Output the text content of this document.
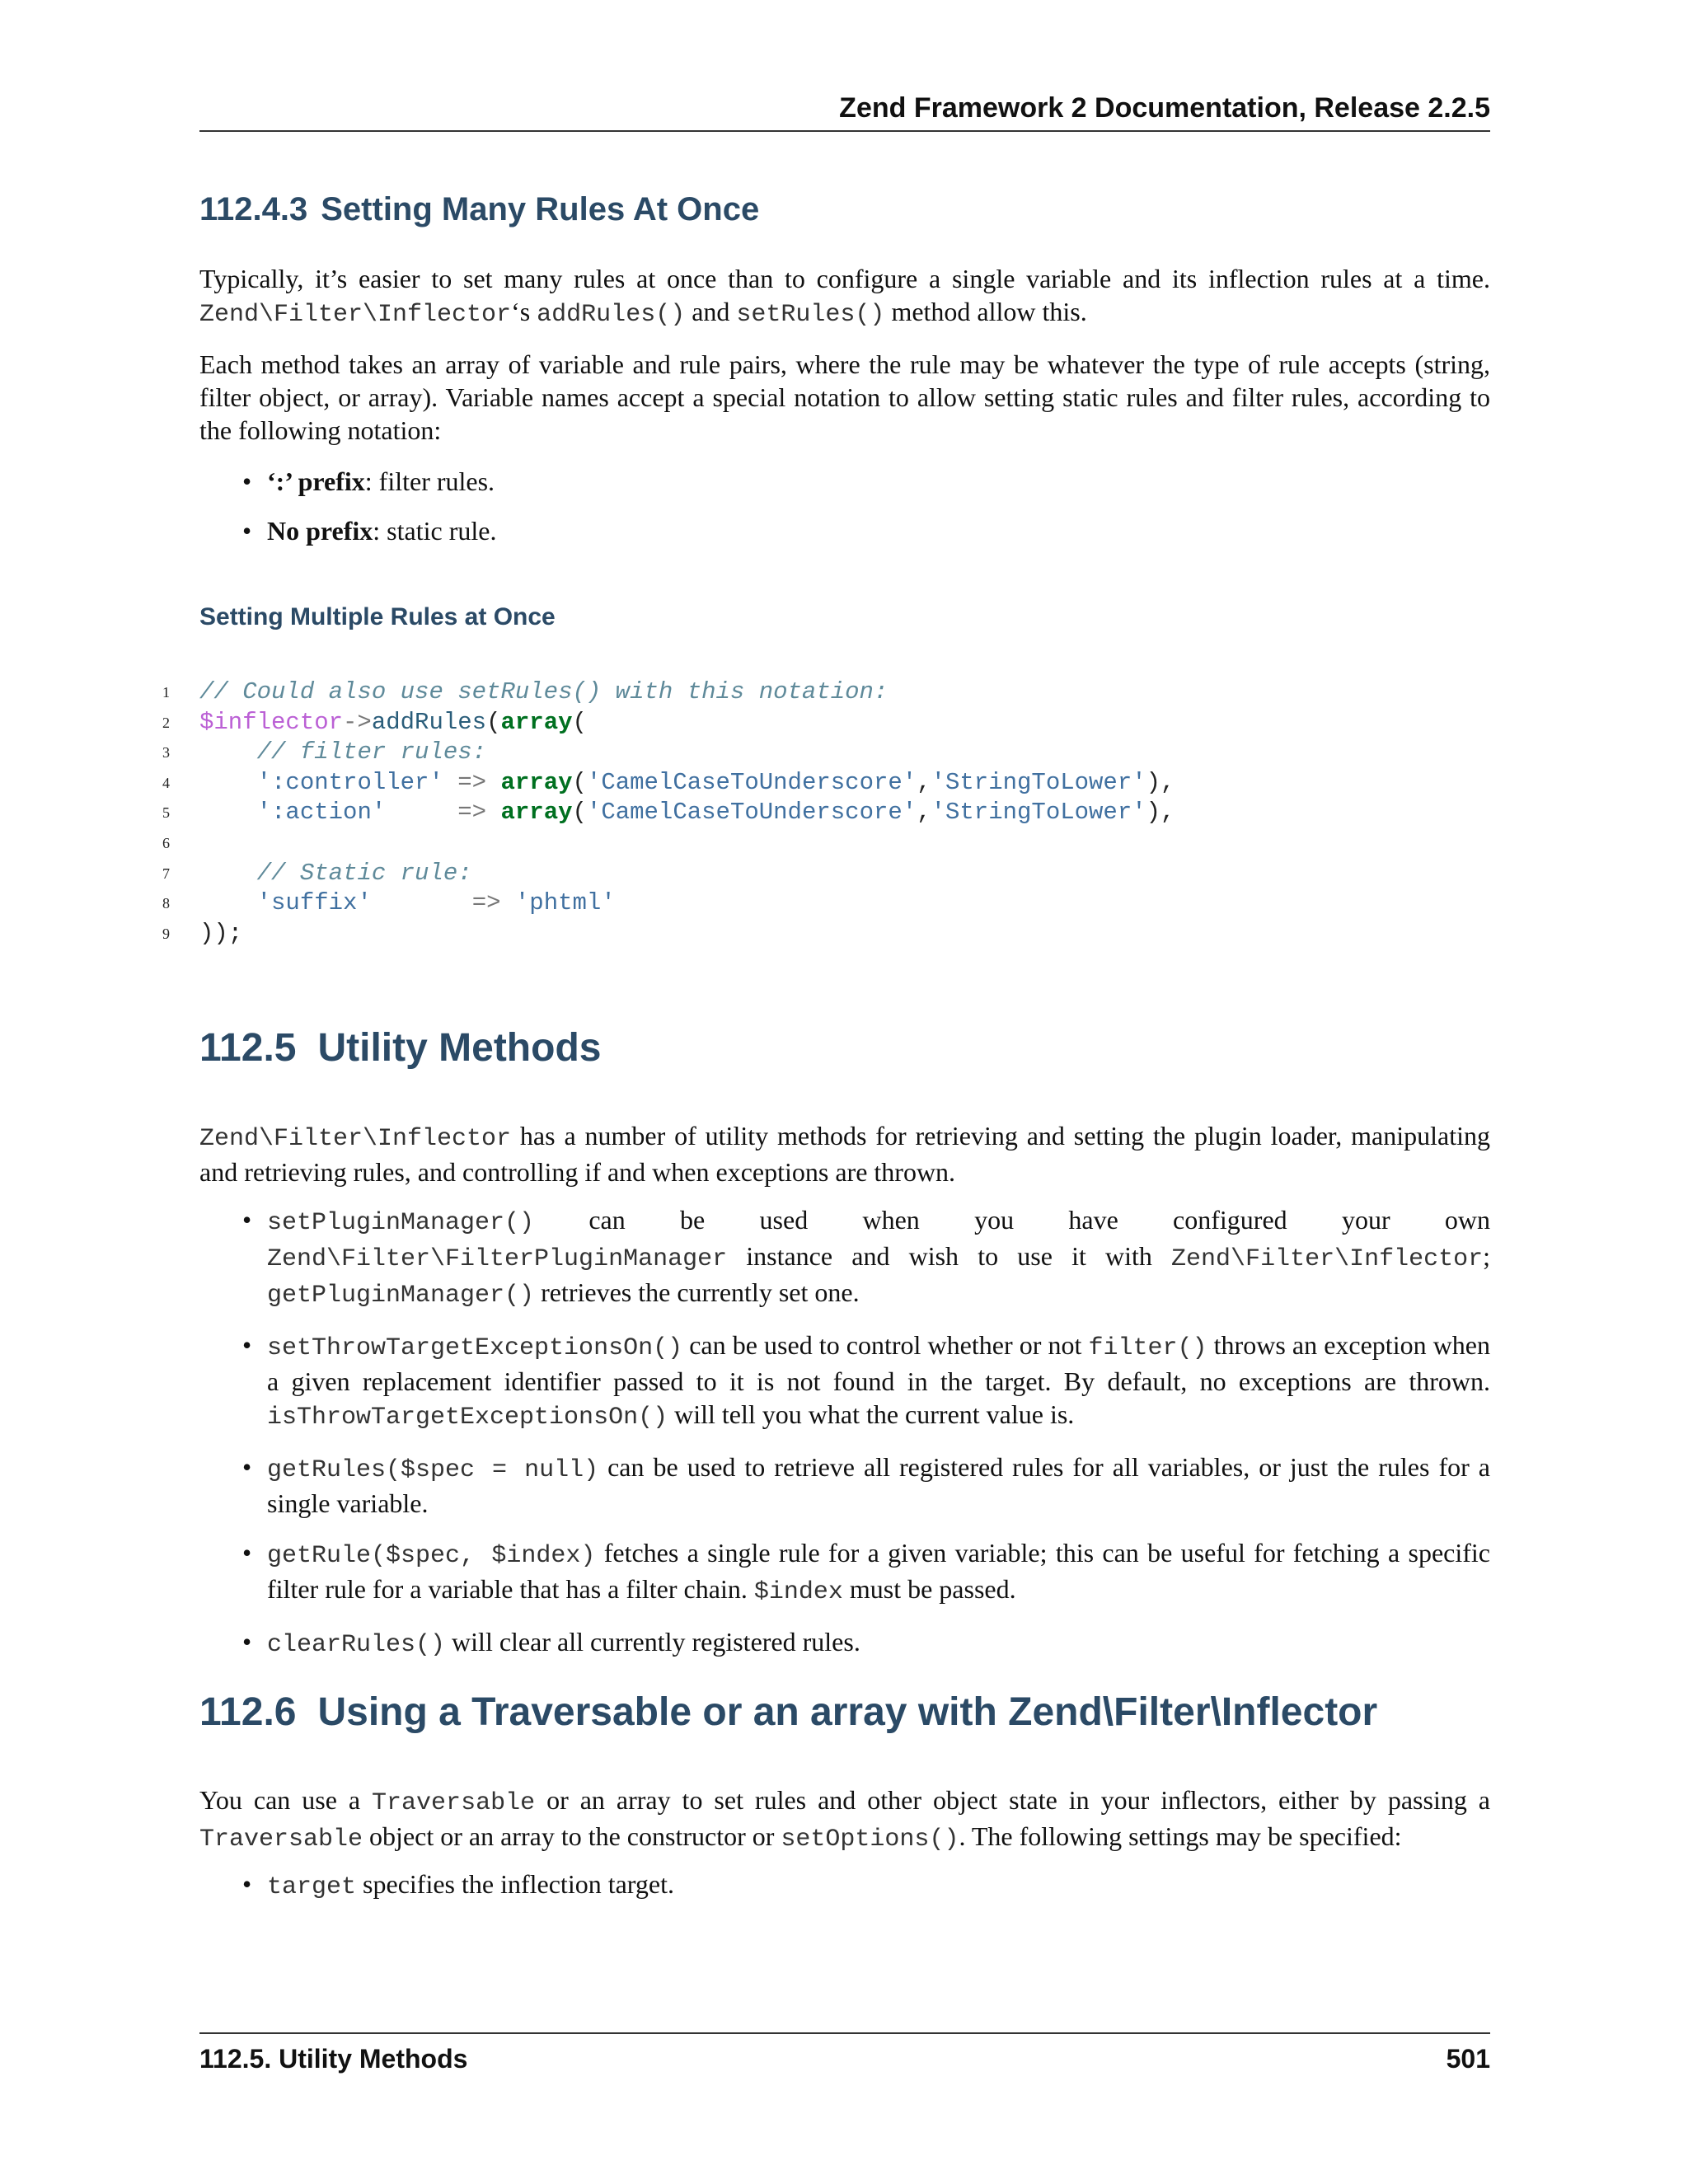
Zend Framework 2 Documentation, Release 2.2.5
112.4.3 Setting Many Rules At Once

Typically, it’s easier to set many rules at once than to configure a single variable and its inflection rules at a time. Zend\Filter\Inflector‘s addRules() and setRules() method allow this.

Each method takes an array of variable and rule pairs, where the rule may be whatever the type of rule accepts (string, filter object, or array). Variable names accept a special notation to allow setting static rules and filter rules, according to the following notation:

• ‘:’ prefix: filter rules.
• No prefix: static rule.
Setting Multiple Rules at Once
1 // Could also use setRules() with this notation:
2 $inflector->addRules(array(
3	// filter rules:
4	':controller' => array('CamelCaseToUnderscore','StringToLower'),
5	':action'	=> array('CamelCaseToUnderscore','StringToLower'),
6
7	// Static rule:
8	'suffix'	=> 'phtml'
9 ));
112.5 Utility Methods

Zend\Filter\Inflector has a number of utility methods for retrieving and setting the plugin loader, manipulating and retrieving rules, and controlling if and when exceptions are thrown.

• setPluginManager() can be used when you have configured your own Zend\Filter\FilterPluginManager instance and wish to use it with Zend\Filter\Inflector; getPluginManager() retrieves the currently set one.
• setThrowTargetExceptionsOn() can be used to control whether or not filter() throws an exception when a given replacement identifier passed to it is not found in the target. By default, no exceptions are thrown. isThrowTargetExceptionsOn() will tell you what the current value is.
• getRules($spec = null) can be used to retrieve all registered rules for all variables, or just the rules for a single variable.
• getRule($spec, $index) fetches a single rule for a given variable; this can be useful for fetching a specific filter rule for a variable that has a filter chain. $index must be passed.
• clearRules() will clear all currently registered rules.
112.6 Using a Traversable or an array with Zend\Filter\Inflector

You can use a Traversable or an array to set rules and other object state in your inflectors, either by passing a Traversable object or an array to the constructor or setOptions(). The following settings may be specified:

• target specifies the inflection target.
112.5. Utility Methods	501
